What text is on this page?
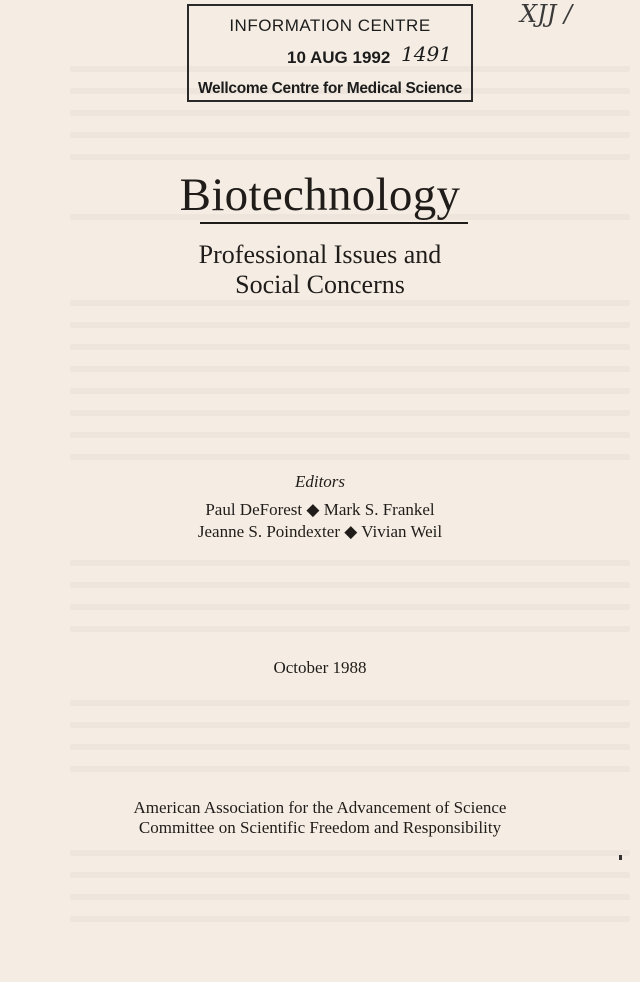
INFORMATION CENTRE
10 AUG 1992 1491
Wellcome Centre for Medical Science
XJJ /
Biotechnology
Professional Issues and
Social Concerns
Editors
Paul DeForest ◆ Mark S. Frankel
Jeanne S. Poindexter ◆ Vivian Weil
October 1988
American Association for the Advancement of Science
Committee on Scientific Freedom and Responsibility
